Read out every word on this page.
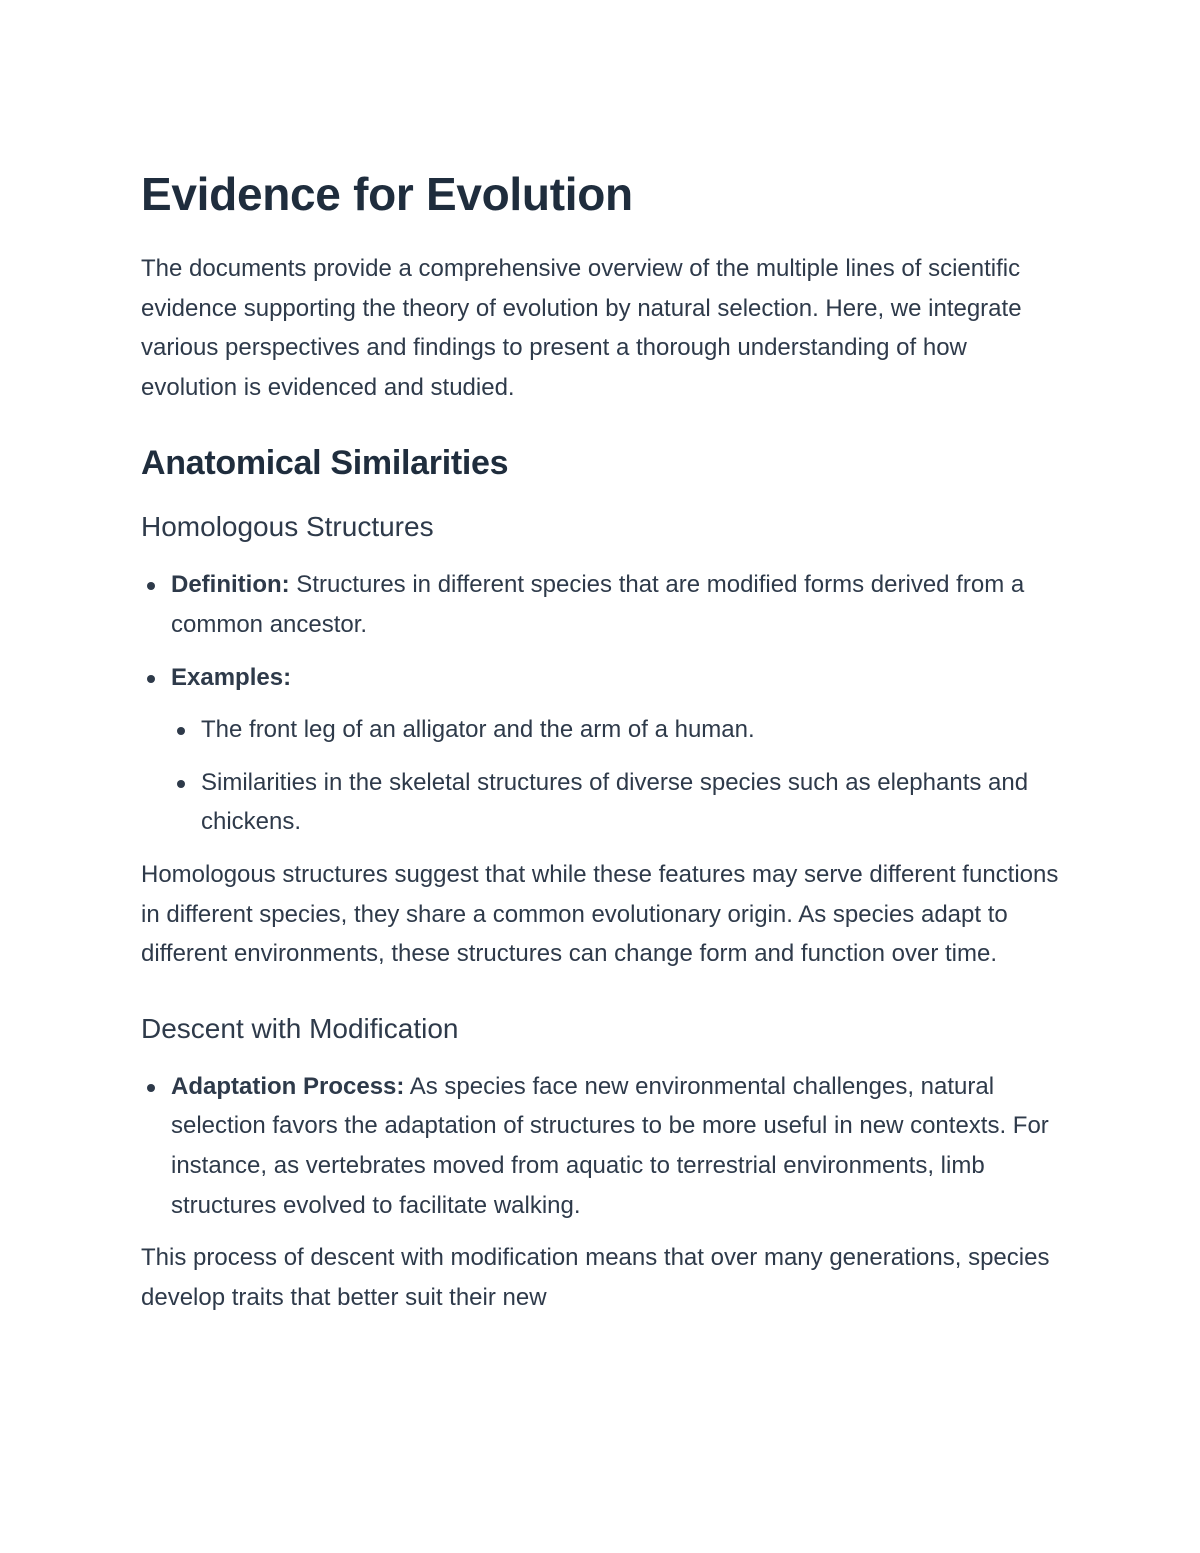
Evidence for Evolution

The documents provide a comprehensive overview of the multiple lines of scientific evidence supporting the theory of evolution by natural selection. Here, we integrate various perspectives and findings to present a thorough understanding of how evolution is evidenced and studied.

Anatomical Similarities
Homologous Structures
Definition: Structures in different species that are modified forms derived from a common ancestor.
Examples:
The front leg of an alligator and the arm of a human.
Similarities in the skeletal structures of diverse species such as elephants and chickens.

Homologous structures suggest that while these features may serve different functions in different species, they share a common evolutionary origin. As species adapt to different environments, these structures can change form and function over time.

Descent with Modification
Adaptation Process: As species face new environmental challenges, natural selection favors the adaptation of structures to be more useful in new contexts. For instance, as vertebrates moved from aquatic to terrestrial environments, limb structures evolved to facilitate walking.

This process of descent with modification means that over many generations, species develop traits that better suit their new
